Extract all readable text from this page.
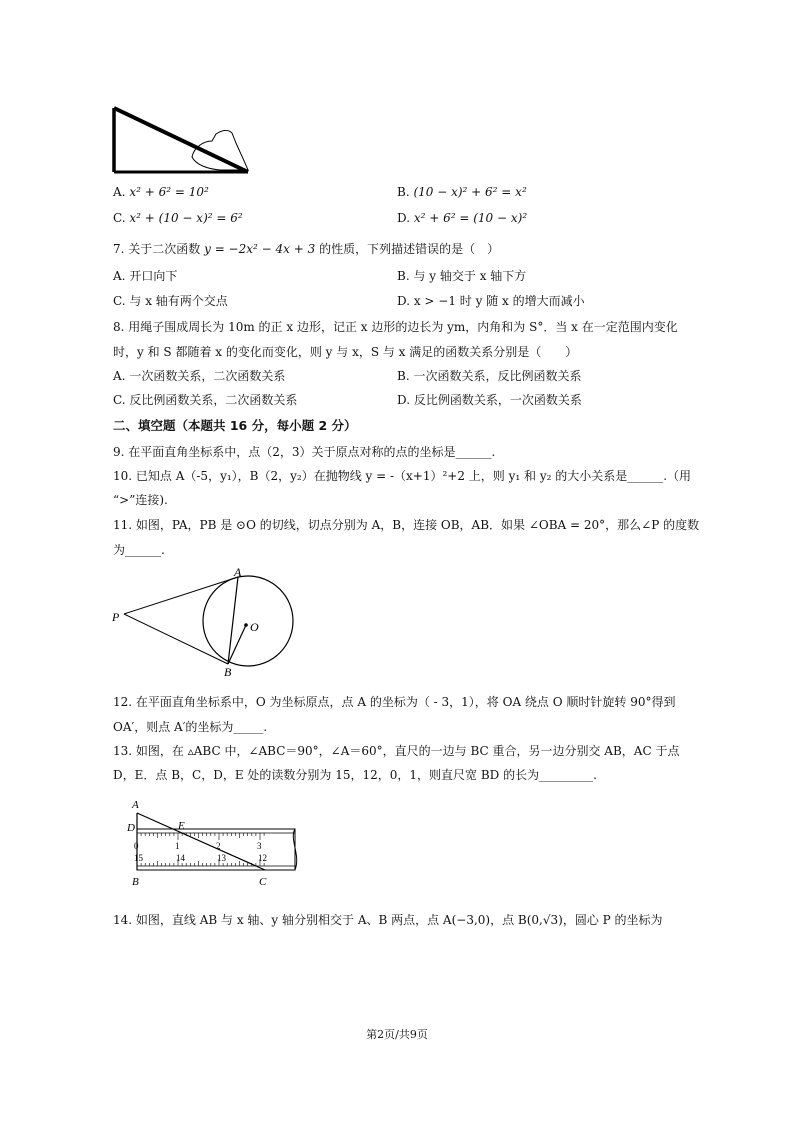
A. x² + 6² = 10²	B. (10 − x)² + 6² = x²
C. x² + (10 − x)² = 6²	D. x² + 6² = (10 − x)²
7. 关于二次函数 y = −2x² − 4x + 3 的性质，下列描述错误的是（　）
A. 开口向下	B. 与 y 轴交于 x 轴下方
C. 与 x 轴有两个交点	D. x > −1 时 y 随 x 的增大而减小
8. 用绳子围成周长为 10m 的正 x 边形，记正 x 边形的边长为 ym，内角和为 S°．当 x 在一定范围内变化
时，y 和 S 都随着 x 的变化而变化，则 y 与 x，S 与 x 满足的函数关系分别是（　　）
A. 一次函数关系，二次函数关系	B. 一次函数关系，反比例函数关系
C. 反比例函数关系，二次函数关系	D. 反比例函数关系，一次函数关系
二、填空题（本题共 16 分，每小题 2 分）
9. 在平面直角坐标系中，点（2，3）关于原点对称的点的坐标是______.
10. 已知点 A（-5，y₁），B（2，y₂）在抛物线 y = -（x+1）²+2 上，则 y₁ 和 y₂ 的大小关系是______.（用
“>”连接).
11. 如图，PA，PB 是 ⊙O 的切线，切点分别为 A，B，连接 OB，AB．如果 ∠OBA = 20°，那么∠P 的度数
为______.
A
B
P
O
12. 在平面直角坐标系中，O 为坐标原点，点 A 的坐标为（ - 3，1），将 OA 绕点 O 顺时针旋转 90°得到
OA′，则点 A′的坐标为_____.
13. 如图，在 ▵ABC 中，∠ABC＝90°，∠A＝60°，直尺的一边与 BC 重合，另一边分别交 AB，AC 于点
D，E．点 B，C，D，E 处的读数分别为 15，12，0，1，则直尺宽 BD 的长为_________.
0	1	2	3
15	14	13	12
A
D	E
B	C
14. 如图，直线 AB 与 x 轴、y 轴分别相交于 A、B 两点，点 A(−3,0)，点 B(0,√3)，圆心 P 的坐标为
第2页/共9页
